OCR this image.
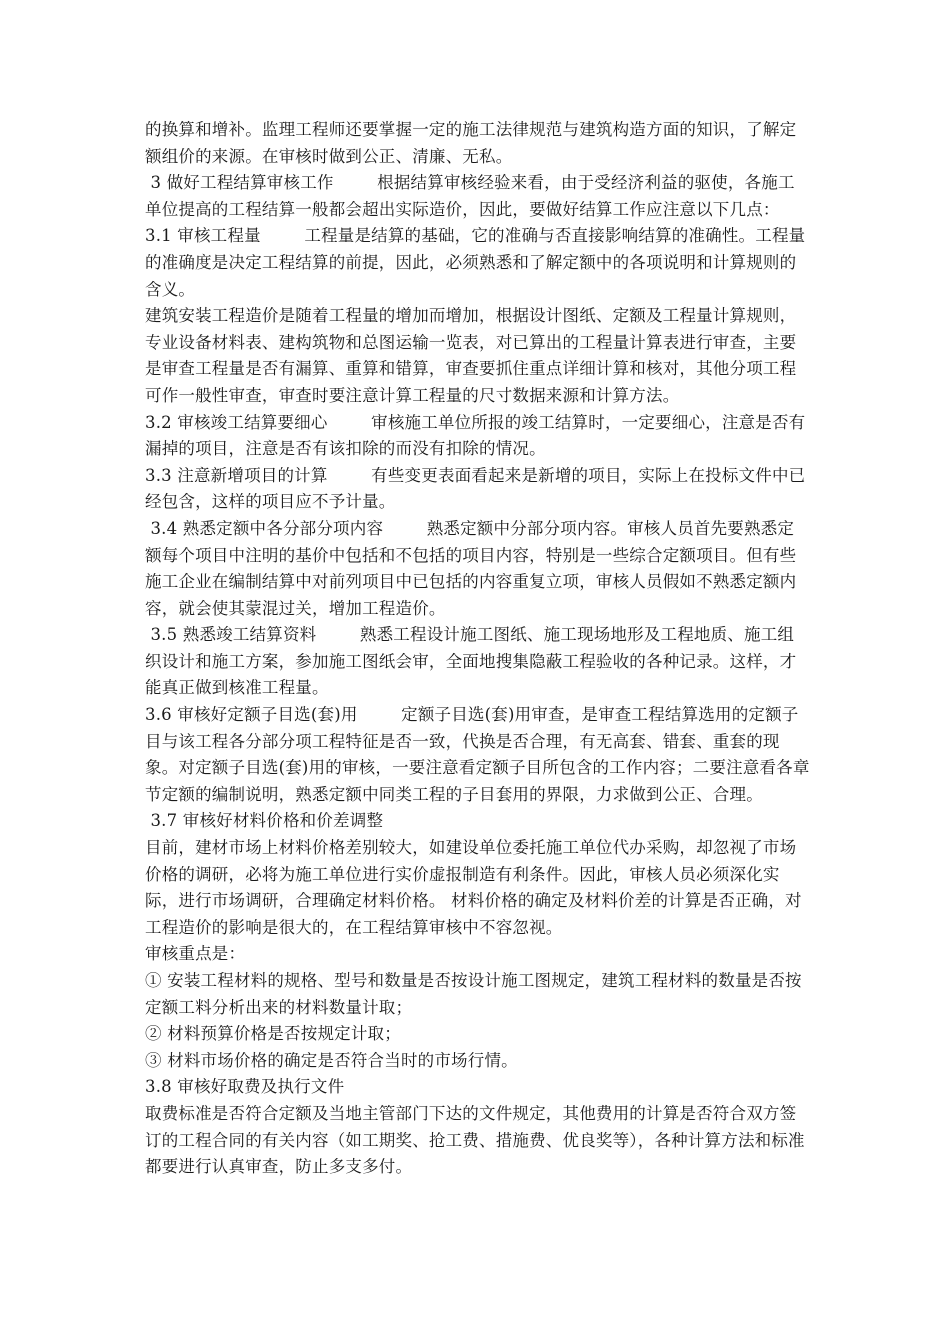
的换算和增补。监理工程师还要掌握一定的施工法律规范与建筑构造方面的知识，了解定额组价的来源。在审核时做到公正、清廉、无私。

3 做好工程结算审核工作        根据结算审核经验来看，由于受经济利益的驱使，各施工单位提高的工程结算一般都会超出实际造价，因此，要做好结算工作应注意以下几点：

3.1 审核工程量        工程量是结算的基础，它的准确与否直接影响结算的准确性。工程量的准确度是决定工程结算的前提，因此，必须熟悉和了解定额中的各项说明和计算规则的含义。

建筑安装工程造价是随着工程量的增加而增加，根据设计图纸、定额及工程量计算规则，专业设备材料表、建构筑物和总图运输一览表，对已算出的工程量计算表进行审查，主要是审查工程量是否有漏算、重算和错算，审查要抓住重点详细计算和核对，其他分项工程可作一般性审查，审查时要注意计算工程量的尺寸数据来源和计算方法。

3.2 审核竣工结算要细心        审核施工单位所报的竣工结算时，一定要细心，注意是否有漏掉的项目，注意是否有该扣除的而没有扣除的情况。

3.3 注意新增项目的计算        有些变更表面看起来是新增的项目，实际上在投标文件中已经包含，这样的项目应不予计量。

3.4 熟悉定额中各分部分项内容        熟悉定额中分部分项内容。审核人员首先要熟悉定额每个项目中注明的基价中包括和不包括的项目内容，特别是一些综合定额项目。但有些施工企业在编制结算中对前列项目中已包括的内容重复立项，审核人员假如不熟悉定额内容，就会使其蒙混过关，增加工程造价。

3.5 熟悉竣工结算资料        熟悉工程设计施工图纸、施工现场地形及工程地质、施工组织设计和施工方案，参加施工图纸会审，全面地搜集隐蔽工程验收的各种记录。这样，才能真正做到核准工程量。

3.6 审核好定额子目选(套)用        定额子目选(套)用审查，是审查工程结算选用的定额子目与该工程各分部分项工程特征是否一致，代换是否合理，有无高套、错套、重套的现象。对定额子目选(套)用的审核，一要注意看定额子目所包含的工作内容；二要注意看各章节定额的编制说明，熟悉定额中同类工程的子目套用的界限，力求做到公正、合理。

3.7 审核好材料价格和价差调整

目前，建材市场上材料价格差别较大，如建设单位委托施工单位代办采购，却忽视了市场价格的调研，必将为施工单位进行实价虚报制造有利条件。因此，审核人员必须深化实际，进行市场调研，合理确定材料价格。 材料价格的确定及材料价差的计算是否正确，对工程造价的影响是很大的，在工程结算审核中不容忽视。

审核重点是：

① 安装工程材料的规格、型号和数量是否按设计施工图规定，建筑工程材料的数量是否按定额工料分析出来的材料数量计取；

② 材料预算价格是否按规定计取；

③ 材料市场价格的确定是否符合当时的市场行情。

3.8 审核好取费及执行文件

取费标准是否符合定额及当地主管部门下达的文件规定，其他费用的计算是否符合双方签订的工程合同的有关内容（如工期奖、抢工费、措施费、优良奖等），各种计算方法和标准都要进行认真审查，防止多支多付。
